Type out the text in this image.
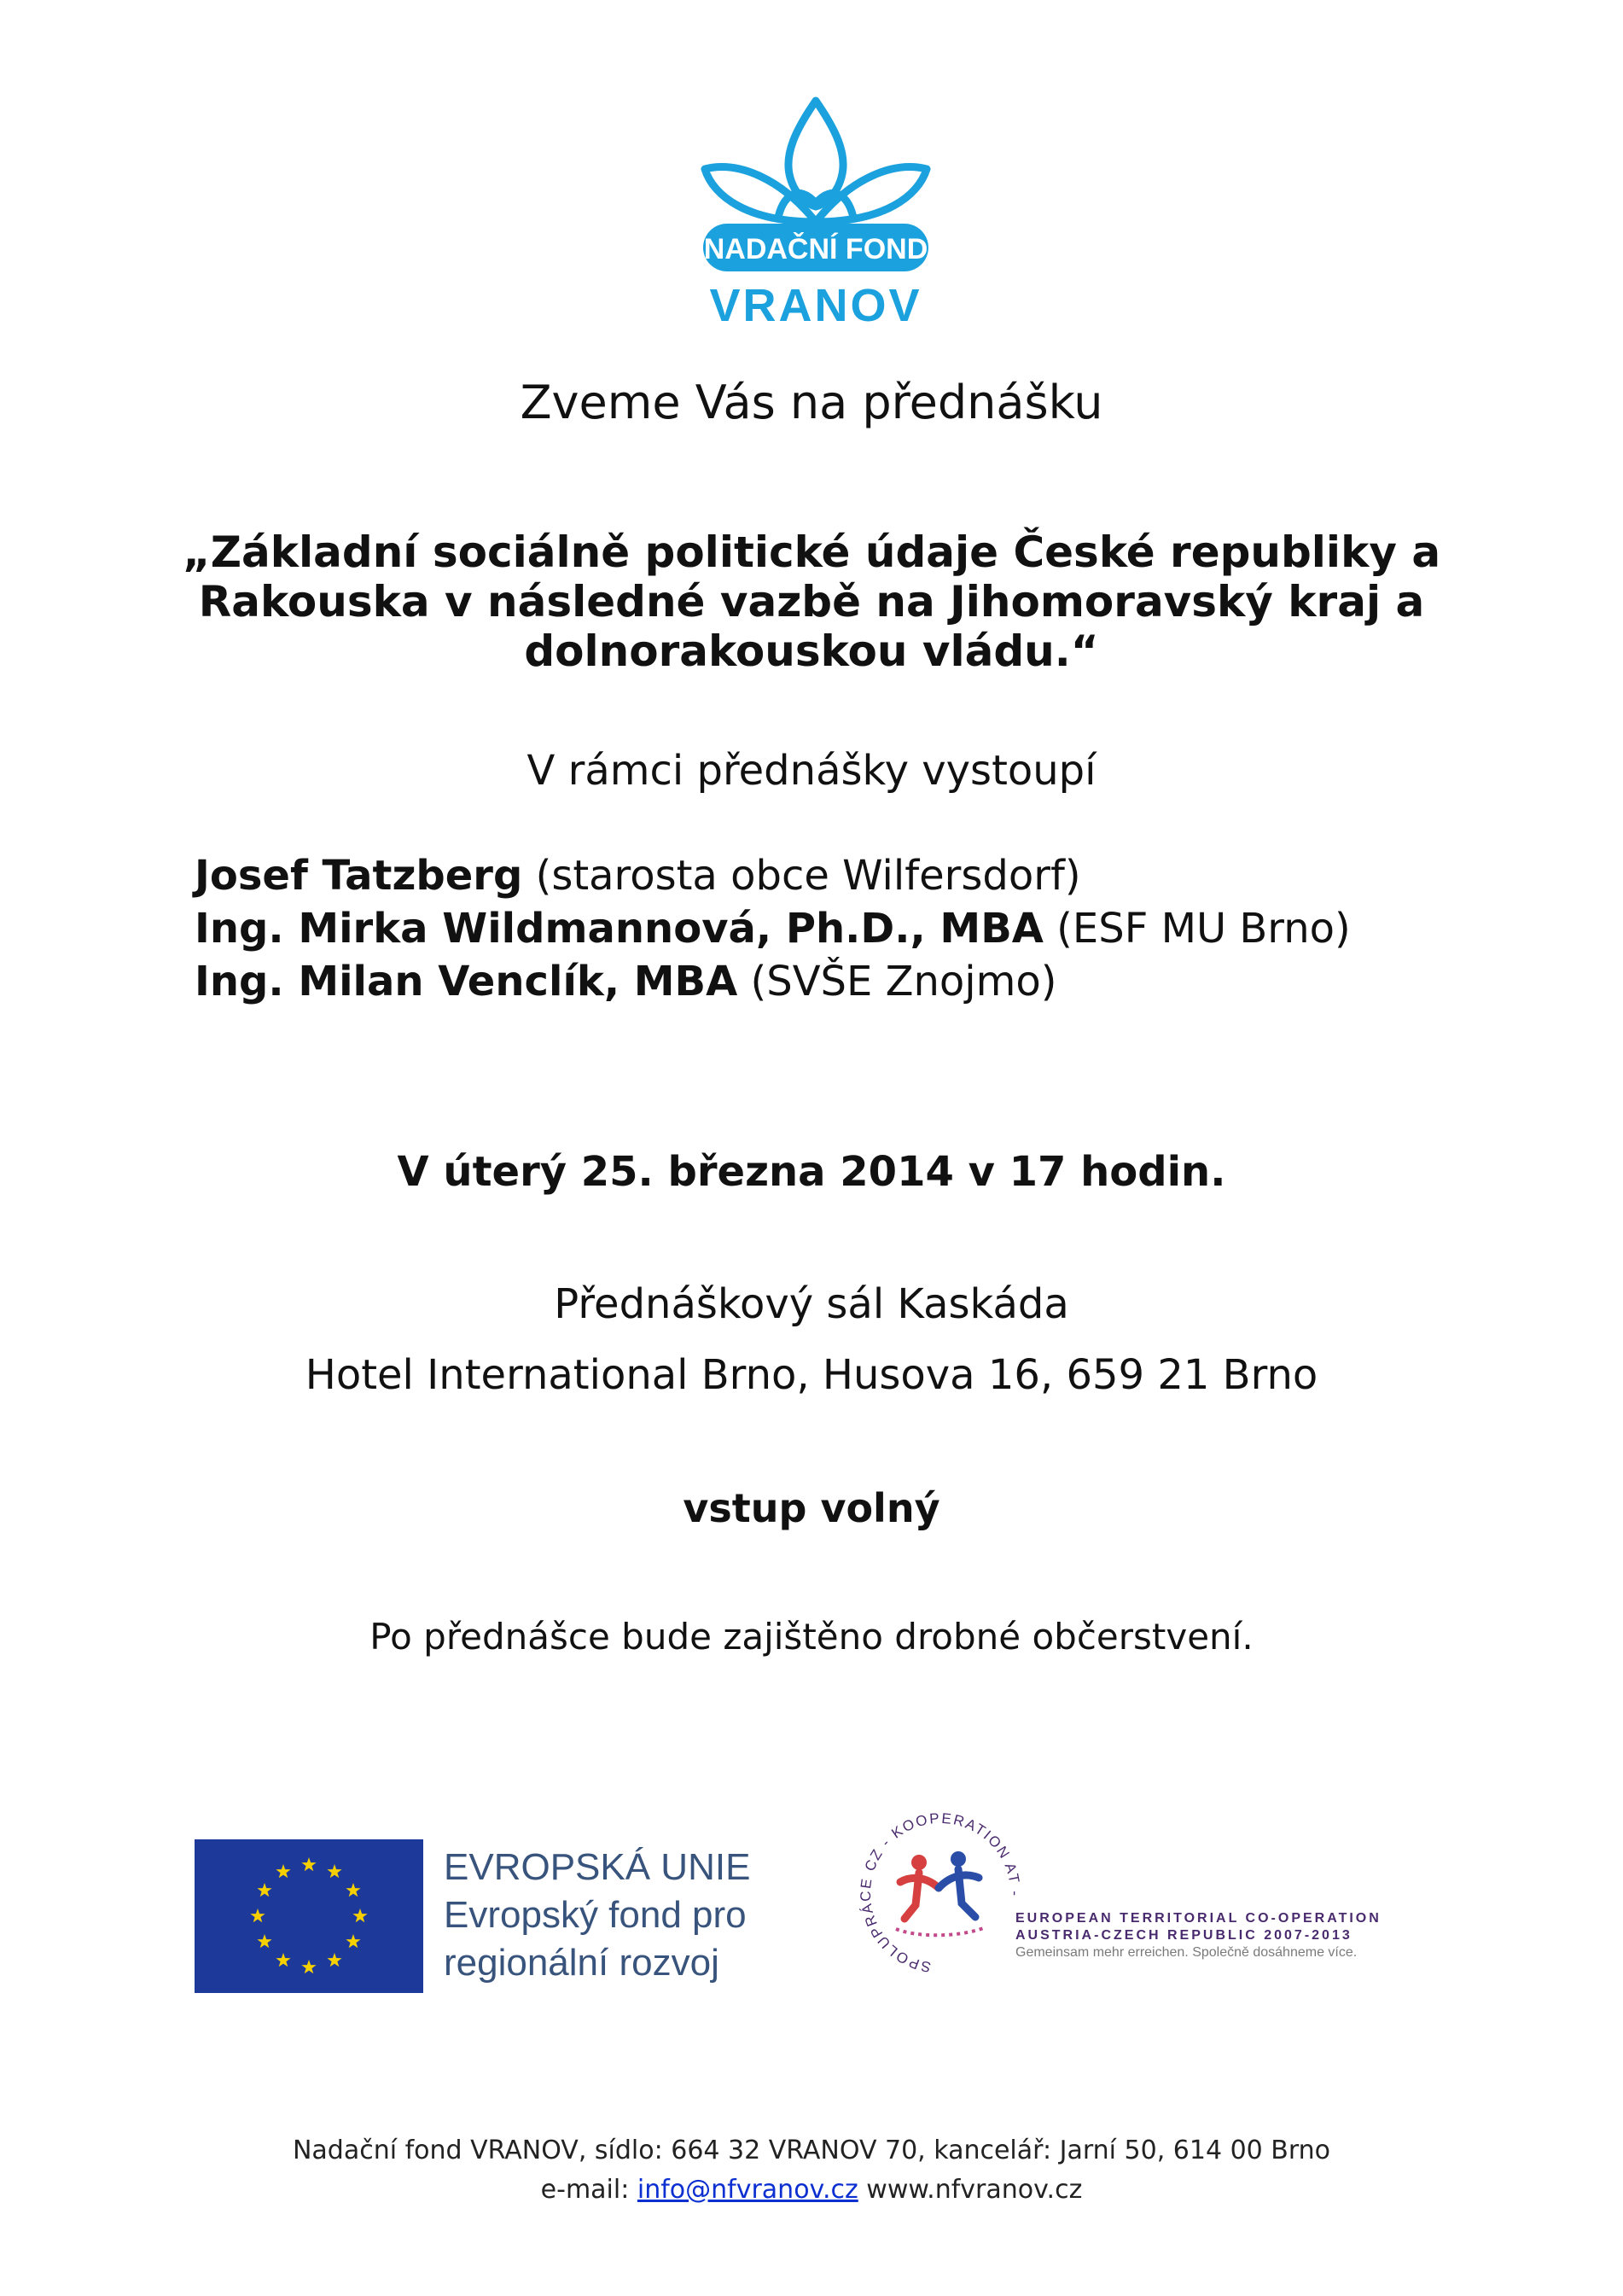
NADAČNÍ FOND
VRANOV
Zveme Vás na přednášku
„Základní sociálně politické údaje České republiky a
Rakouska v následné vazbě na Jihomoravský kraj a
dolnorakouskou vládu.“
V rámci přednášky vystoupí
Josef Tatzberg (starosta obce Wilfersdorf)
Ing. Mirka Wildmannová, Ph.D., MBA (ESF MU Brno)
Ing. Milan Venclík, MBA (SVŠE Znojmo)
V úterý 25. března 2014 v 17 hodin.
Přednáškový sál Kaskáda
Hotel International Brno, Husova 16, 659 21 Brno
vstup volný
Po přednášce bude zajištěno drobné občerstvení.
EVROPSKÁ UNIE
Evropský fond pro
regionální rozvoj	SPOLUPRÁCE CZ - KOOPERATION AT -
EUROPEAN TERRITORIAL CO-OPERATION
AUSTRIA-CZECH REPUBLIC 2007-2013
Gemeinsam mehr erreichen. Společně dosáhneme více.
Nadační fond VRANOV, sídlo: 664 32 VRANOV 70, kancelář: Jarní 50, 614 00 Brno
e-mail: info@nfvranov.cz www.nfvranov.cz
